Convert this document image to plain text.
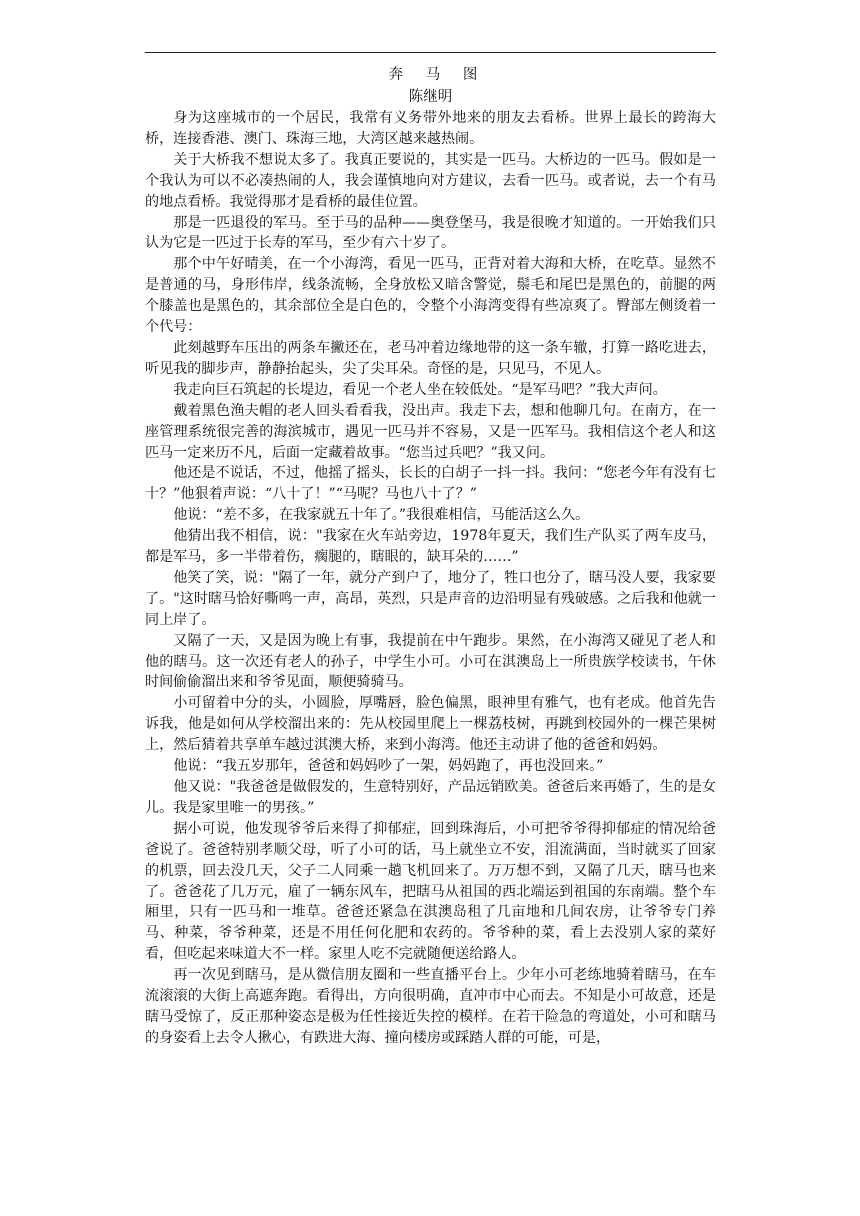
奔 马 图
陈继明

身为这座城市的一个居民，我常有义务带外地来的朋友去看桥。世界上最长的跨海大桥，连接香港、澳门、珠海三地，大湾区越来越热闹。

关于大桥我不想说太多了。我真正要说的，其实是一匹马。大桥边的一匹马。假如是一个我认为可以不必凑热闹的人，我会谨慎地向对方建议，去看一匹马。或者说，去一个有马的地点看桥。我觉得那才是看桥的最佳位置。

那是一匹退役的军马。至于马的品种——奥登堡马，我是很晚才知道的。一开始我们只认为它是一匹过于长寿的军马，至少有六十岁了。

那个中午好晴美，在一个小海湾，看见一匹马，正背对着大海和大桥，在吃草。显然不是普通的马，身形伟岸，线条流畅，全身放松又暗含警觉，鬃毛和尾巴是黑色的，前腿的两个膝盖也是黑色的，其余部位全是白色的，令整个小海湾变得有些凉爽了。臀部左侧烫着一个代号：

此刻越野车压出的两条车撇还在，老马冲着边缘地带的这一条车辙，打算一路吃进去，听见我的脚步声，静静抬起头，尖了尖耳朵。奇怪的是，只见马，不见人。

我走向巨石筑起的长堤边，看见一个老人坐在较低处。“是军马吧？”我大声问。

戴着黑色渔夫帽的老人回头看看我，没出声。我走下去，想和他聊几句。在南方，在一座管理系统很完善的海滨城市，遇见一匹马并不容易，又是一匹军马。我相信这个老人和这匹马一定来历不凡，后面一定藏着故事。“您当过兵吧？”我又问。

他还是不说话，不过，他摇了摇头，长长的白胡子一抖一抖。我问：“您老今年有没有七十？”他狠着声说：“八十了！”“马呢？马也八十了？”

他说：“差不多，在我家就五十年了。”我很难相信，马能活这么久。

他猜出我不相信，说："我家在火车站旁边，1978年夏天，我们生产队买了两车皮马，都是军马，多一半带着伤，瘸腿的，瞎眼的，缺耳朵的……”

他笑了笑，说："隔了一年，就分产到户了，地分了，牲口也分了，瞎马没人要，我家要了。"这时瞎马恰好嘶鸣一声，高昂，英烈，只是声音的边沿明显有残破感。之后我和他就一同上岸了。

又隔了一天，又是因为晚上有事，我提前在中午跑步。果然，在小海湾又碰见了老人和他的瞎马。这一次还有老人的孙子，中学生小可。小可在淇澳岛上一所贵族学校读书，午休时间偷偷溜出来和爷爷见面，顺便骑骑马。

小可留着中分的头，小圆脸，厚嘴唇，脸色偏黑，眼神里有雅气，也有老成。他首先告诉我，他是如何从学校溜出来的：先从校园里爬上一棵荔枝树，再跳到校园外的一棵芒果树上，然后猜着共享单车越过淇澳大桥，来到小海湾。他还主动讲了他的爸爸和妈妈。

他说：“我五岁那年，爸爸和妈妈吵了一架，妈妈跑了，再也没回来。”

他又说："我爸爸是做假发的，生意特别好，产品远销欧美。爸爸后来再婚了，生的是女儿。我是家里唯一的男孩。”

据小可说，他发现爷爷后来得了抑郁症，回到珠海后，小可把爷爷得抑郁症的情况给爸爸说了。爸爸特别孝顺父母，听了小可的话，马上就坐立不安，泪流满面，当时就买了回家的机票，回去没几天，父子二人同乘一趟飞机回来了。万万想不到，又隔了几天，瞎马也来了。爸爸花了几万元，雇了一辆东风车，把瞎马从祖国的西北端运到祖国的东南端。整个车厢里，只有一匹马和一堆草。爸爸还紧急在淇澳岛租了几亩地和几间农房，让爷爷专门养马、种菜，爷爷种菜，还是不用任何化肥和农药的。爷爷种的菜，看上去没别人家的菜好看，但吃起来味道大不一样。家里人吃不完就随便送给路人。

再一次见到瞎马，是从微信朋友圈和一些直播平台上。少年小可老练地骑着瞎马，在车流滚滚的大街上高遮奔跑。看得出，方向很明确，直冲市中心而去。不知是小可故意，还是瞎马受惊了，反正那种姿态是极为任性接近失控的模样。在若干险急的弯道处，小可和瞎马的身姿看上去令人揪心，有跌进大海、撞向楼房或踩踏人群的可能，可是，
